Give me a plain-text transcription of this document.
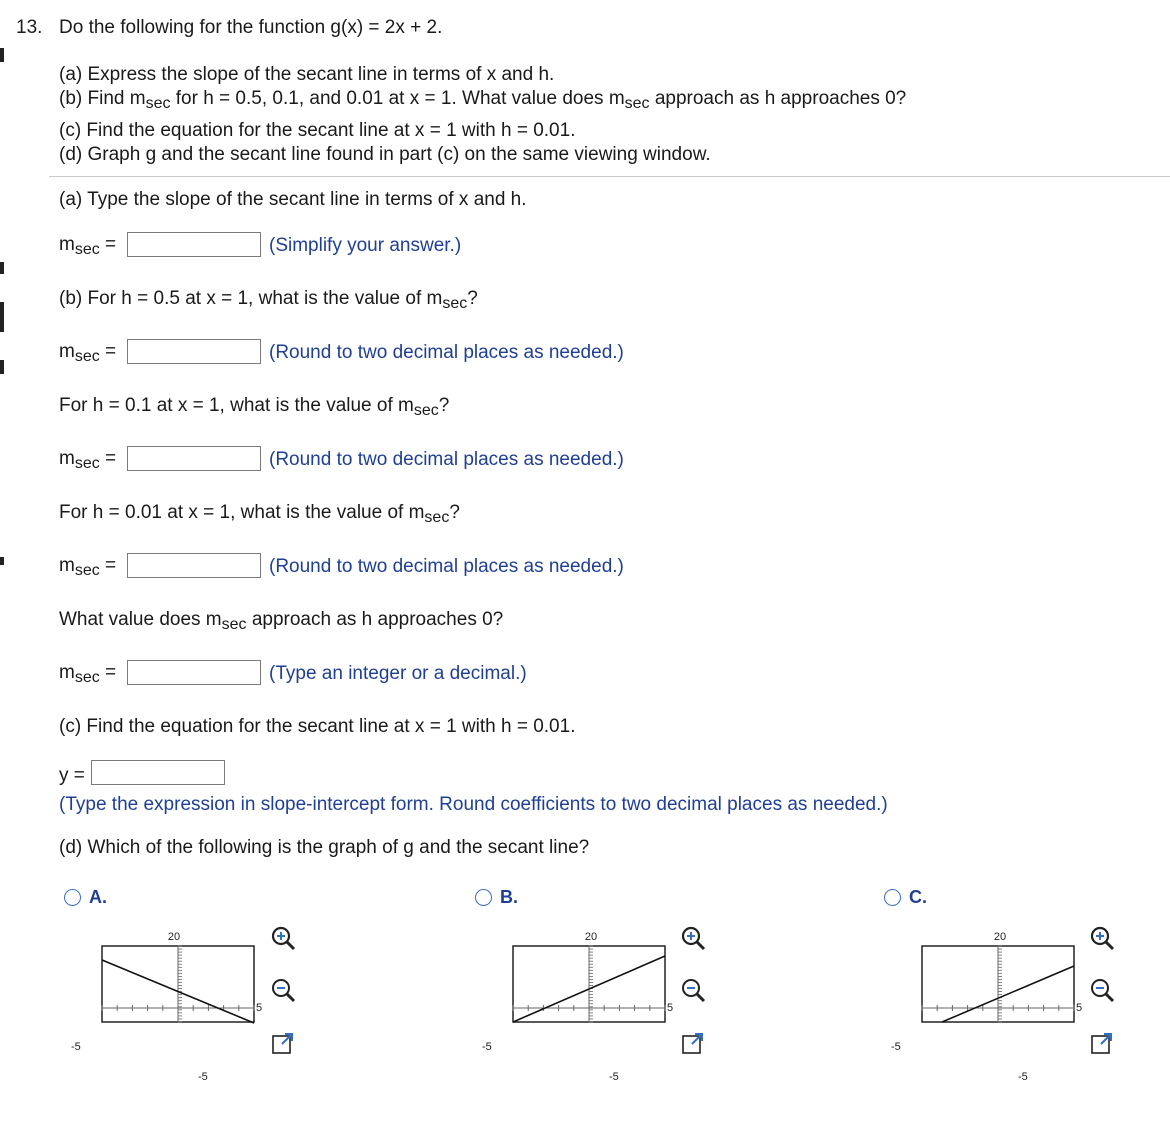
13. Do the following for the function g(x) = 2x + 2.
(a) Express the slope of the secant line in terms of x and h.
(b) Find $m_{sec}$ for h = 0.5, 0.1, and 0.01 at x = 1. What value does $m_{sec}$ approach as h approaches 0?
(c) Find the equation for the secant line at x = 1 with h = 0.01.
(d) Graph g and the secant line found in part (c) on the same viewing window.
(a) Type the slope of the secant line in terms of x and h.
$m_{sec}$ =	(Simplify your answer.)
(b) For h = 0.5 at x = 1, what is the value of $m_{sec}$?
$m_{sec}$ =	(Round to two decimal places as needed.)
For h = 0.1 at x = 1, what is the value of $m_{sec}$?
$m_{sec}$ =	(Round to two decimal places as needed.)
For h = 0.01 at x = 1, what is the value of $m_{sec}$?
$m_{sec}$ =	(Round to two decimal places as needed.)
What value does $m_{sec}$ approach as h approaches 0?
$m_{sec}$ =	(Type an integer or a decimal.)
(c) Find the equation for the secant line at x = 1 with h = 0.01.
y =
(Type the expression in slope-intercept form. Round coefficients to two decimal places as needed.)
(d) Which of the following is the graph of g and the secant line?
A.
20
5
-5
-5
B.
20
5
-5
-5
C.
20
5
-5
-5
